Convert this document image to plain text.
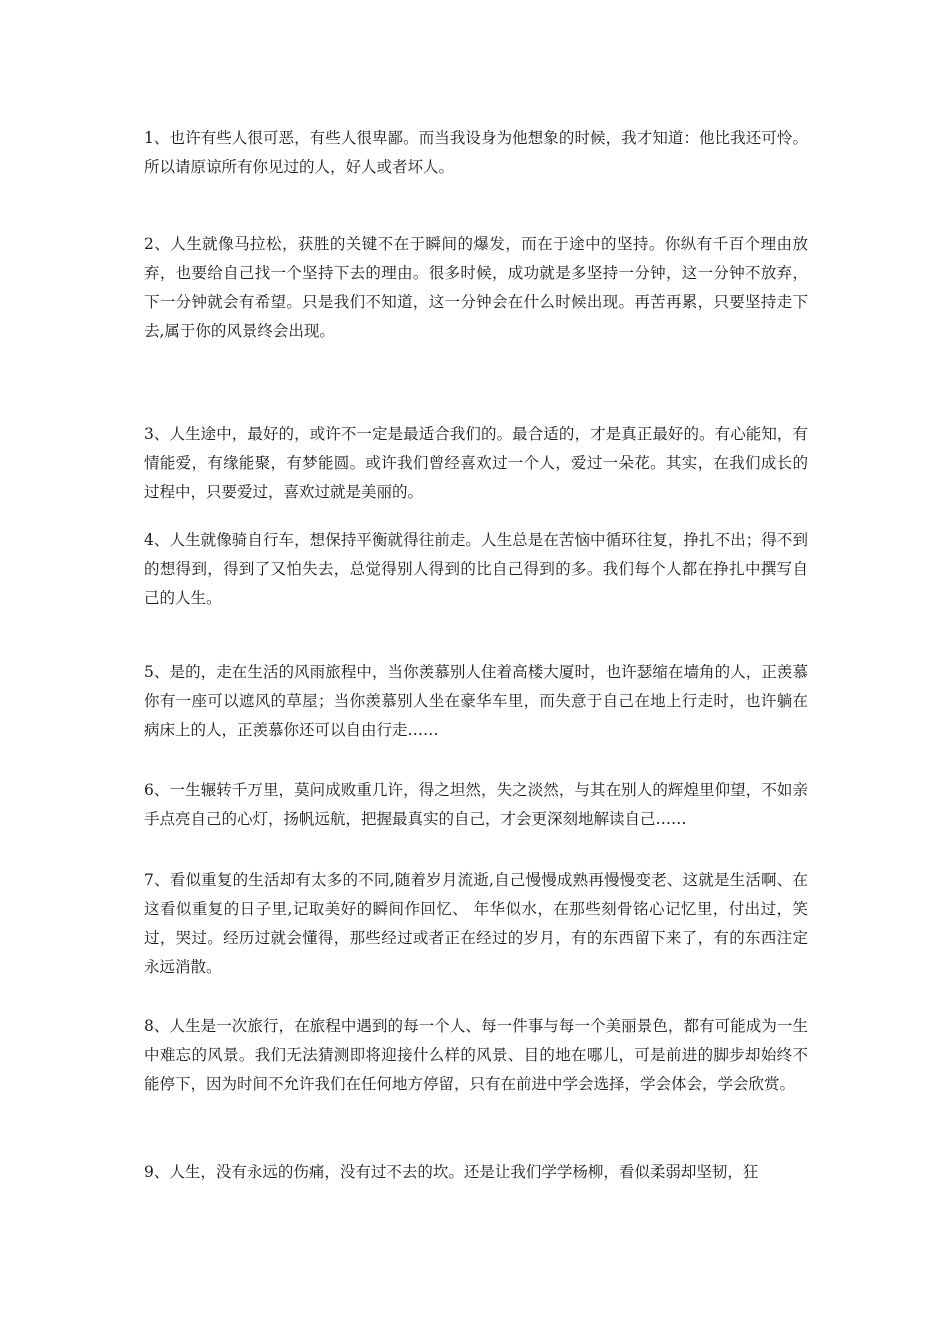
1、也许有些人很可恶，有些人很卑鄙。而当我设身为他想象的时候，我才知道：他比我还可怜。所以请原谅所有你见过的人，好人或者坏人。

2、人生就像马拉松，获胜的关键不在于瞬间的爆发，而在于途中的坚持。你纵有千百个理由放弃，也要给自己找一个坚持下去的理由。很多时候，成功就是多坚持一分钟，这一分钟不放弃，下一分钟就会有希望。只是我们不知道，这一分钟会在什么时候出现。再苦再累，只要坚持走下去,属于你的风景终会出现。

3、人生途中，最好的，或许不一定是最适合我们的。最合适的，才是真正最好的。有心能知，有情能爱，有缘能聚，有梦能圆。或许我们曾经喜欢过一个人，爱过一朵花。其实，在我们成长的过程中，只要爱过，喜欢过就是美丽的。

4、人生就像骑自行车，想保持平衡就得往前走。人生总是在苦恼中循环往复，挣扎不出；得不到的想得到，得到了又怕失去，总觉得别人得到的比自己得到的多。我们每个人都在挣扎中撰写自己的人生。

5、是的，走在生活的风雨旅程中，当你羡慕别人住着高楼大厦时，也许瑟缩在墙角的人，正羡慕你有一座可以遮风的草屋；当你羡慕别人坐在豪华车里，而失意于自己在地上行走时，也许躺在病床上的人，正羡慕你还可以自由行走……

6、一生辗转千万里，莫问成败重几许，得之坦然，失之淡然，与其在别人的辉煌里仰望，不如亲手点亮自己的心灯，扬帆远航，把握最真实的自己，才会更深刻地解读自己……

7、看似重复的生活却有太多的不同,随着岁月流逝,自己慢慢成熟再慢慢变老、这就是生活啊、在这看似重复的日子里,记取美好的瞬间作回忆、 年华似水，在那些刻骨铭心记忆里，付出过，笑过，哭过。经历过就会懂得，那些经过或者正在经过的岁月，有的东西留下来了，有的东西注定永远消散。

8、人生是一次旅行，在旅程中遇到的每一个人、每一件事与每一个美丽景色，都有可能成为一生中难忘的风景。我们无法猜测即将迎接什么样的风景、目的地在哪儿，可是前进的脚步却始终不能停下，因为时间不允许我们在任何地方停留，只有在前进中学会选择，学会体会，学会欣赏。

9、人生，没有永远的伤痛，没有过不去的坎。还是让我们学学杨柳，看似柔弱却坚韧，狂
